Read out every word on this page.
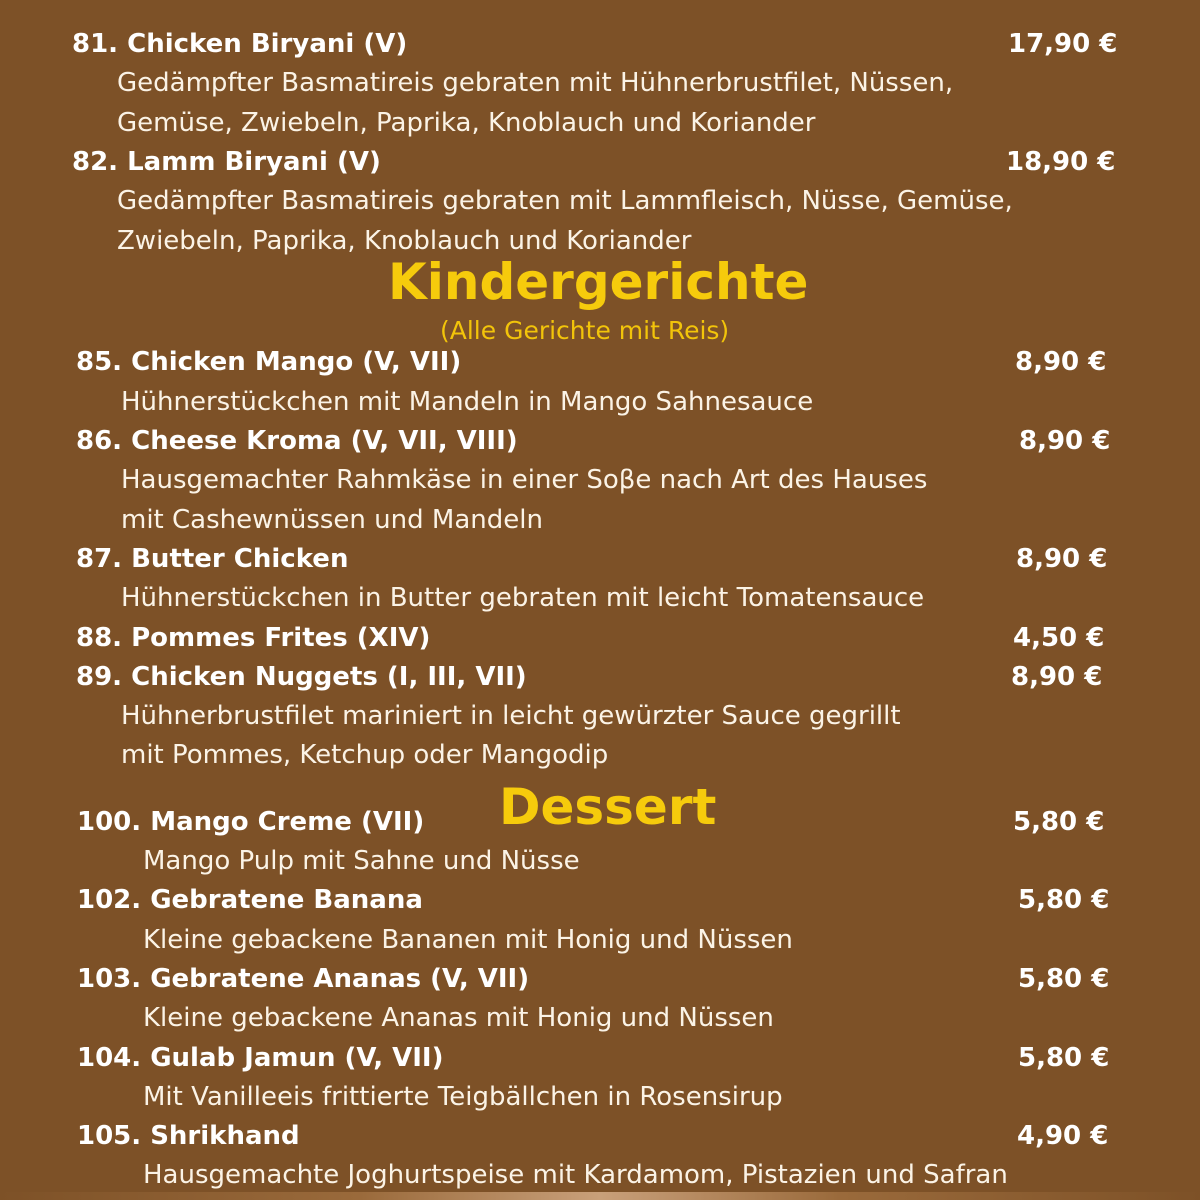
81. Chicken Biryani (V)	17,90 €
Gedämpfter Basmatireis gebraten mit Hühnerbrustfilet, Nüssen,
Gemüse, Zwiebeln, Paprika, Knoblauch und Koriander
82. Lamm Biryani (V)	18,90 €
Gedämpfter Basmatireis gebraten mit Lammfleisch, Nüsse, Gemüse,
Zwiebeln, Paprika, Knoblauch und Koriander
Kindergerichte
(Alle Gerichte mit Reis)
85. Chicken Mango (V, VII)	8,90 €
Hühnerstückchen mit Mandeln in Mango Sahnesauce
86. Cheese Kroma (V, VII, VIII)	8,90 €
Hausgemachter Rahmkäse in einer Soβe nach Art des Hauses
mit Cashewnüssen und Mandeln
87. Butter Chicken	8,90 €
Hühnerstückchen in Butter gebraten mit leicht Tomatensauce
88. Pommes Frites (XIV)	4,50 €
89. Chicken Nuggets (I, III, VII)	8,90 €
Hühnerbrustfilet mariniert in leicht gewürzter Sauce gegrillt
mit Pommes, Ketchup oder Mangodip
Dessert
100. Mango Creme (VII)	5,80 €
Mango Pulp mit Sahne und Nüsse
102. Gebratene Banana	5,80 €
Kleine gebackene Bananen mit Honig und Nüssen
103. Gebratene Ananas (V, VII)	5,80 €
Kleine gebackene Ananas mit Honig und Nüssen
104. Gulab Jamun (V, VII)	5,80 €
Mit Vanilleeis frittierte Teigbällchen in Rosensirup
105. Shrikhand	4,90 €
Hausgemachte Joghurtspeise mit Kardamom, Pistazien und Safran
